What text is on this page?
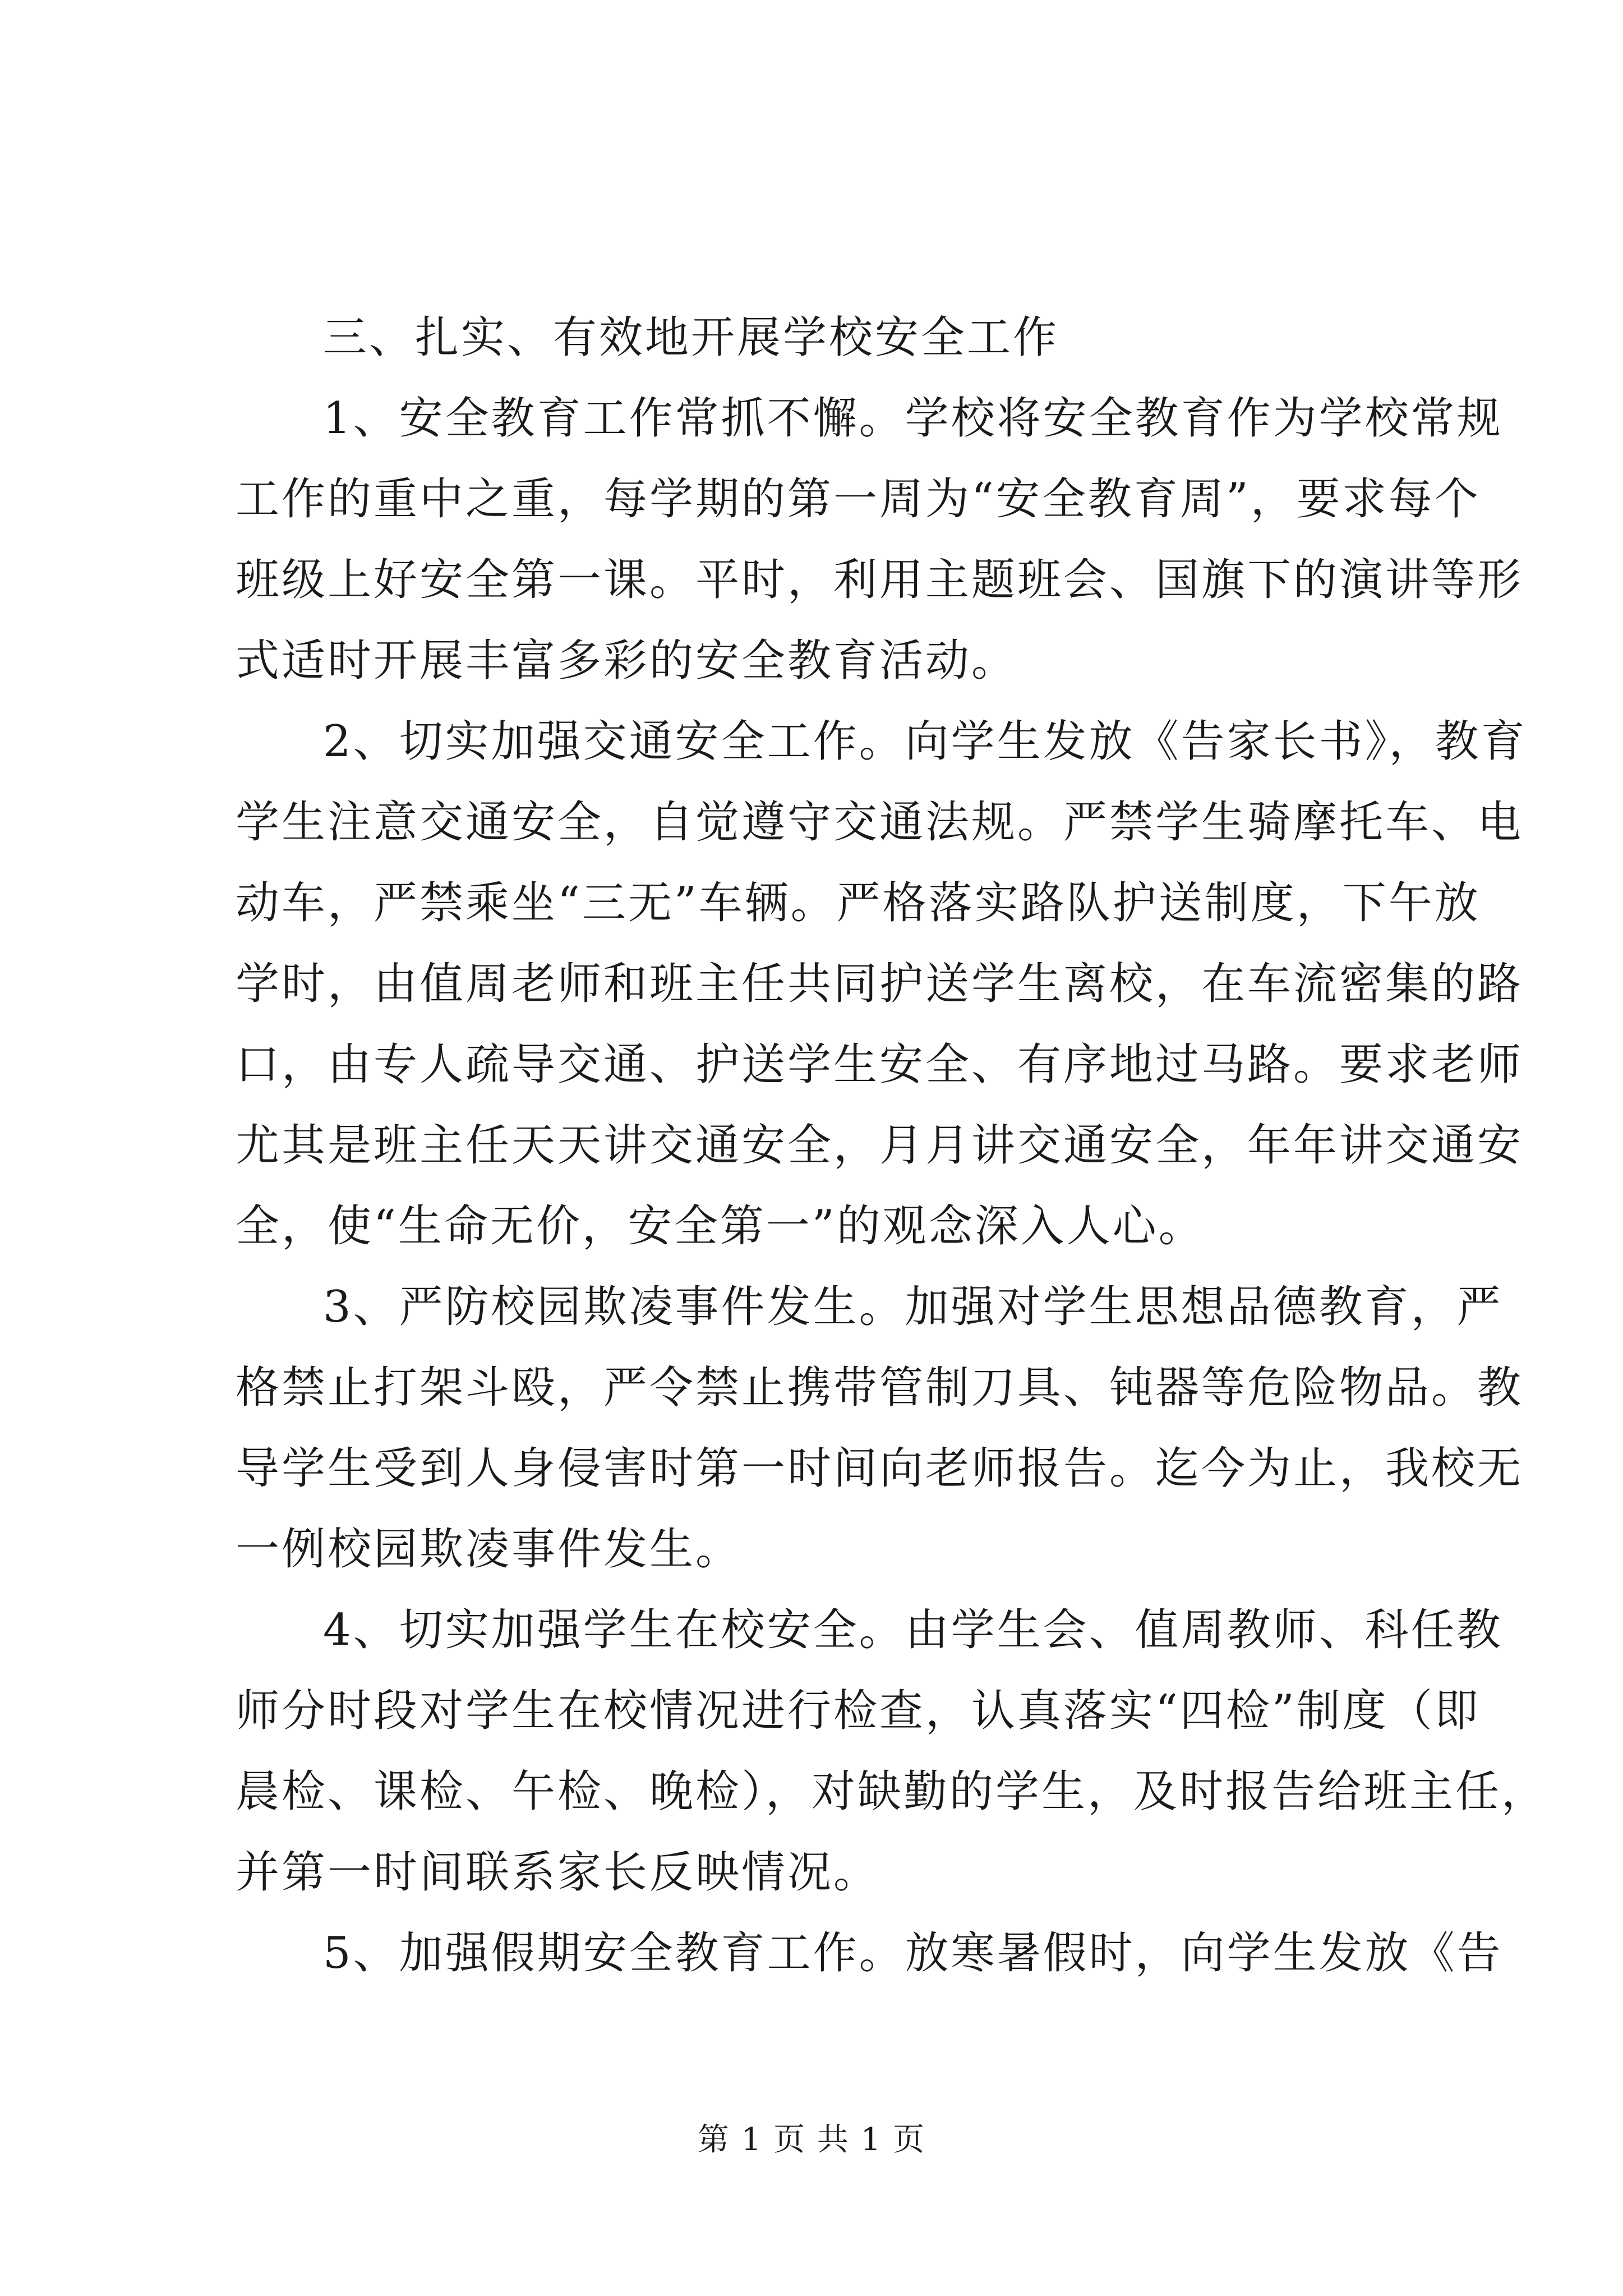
三、扎实、有效地开展学校安全工作
1、安全教育工作常抓不懈。学校将安全教育作为学校常规
工作的重中之重，每学期的第一周为“安全教育周”，要求每个
班级上好安全第一课。平时，利用主题班会、国旗下的演讲等形
式适时开展丰富多彩的安全教育活动。
2、切实加强交通安全工作。向学生发放《告家长书》，教育
学生注意交通安全，自觉遵守交通法规。严禁学生骑摩托车、电
动车，严禁乘坐“三无”车辆。严格落实路队护送制度，下午放
学时，由值周老师和班主任共同护送学生离校，在车流密集的路
口，由专人疏导交通、护送学生安全、有序地过马路。要求老师
尤其是班主任天天讲交通安全，月月讲交通安全，年年讲交通安
全，使“生命无价，安全第一”的观念深入人心。
3、严防校园欺凌事件发生。加强对学生思想品德教育，严
格禁止打架斗殴，严令禁止携带管制刀具、钝器等危险物品。教
导学生受到人身侵害时第一时间向老师报告。迄今为止，我校无
一例校园欺凌事件发生。
4、切实加强学生在校安全。由学生会、值周教师、科任教
师分时段对学生在校情况进行检查，认真落实“四检”制度（即
晨检、课检、午检、晚检），对缺勤的学生，及时报告给班主任，
并第一时间联系家长反映情况。
5、加强假期安全教育工作。放寒暑假时，向学生发放《告
第 1 页 共 1 页
